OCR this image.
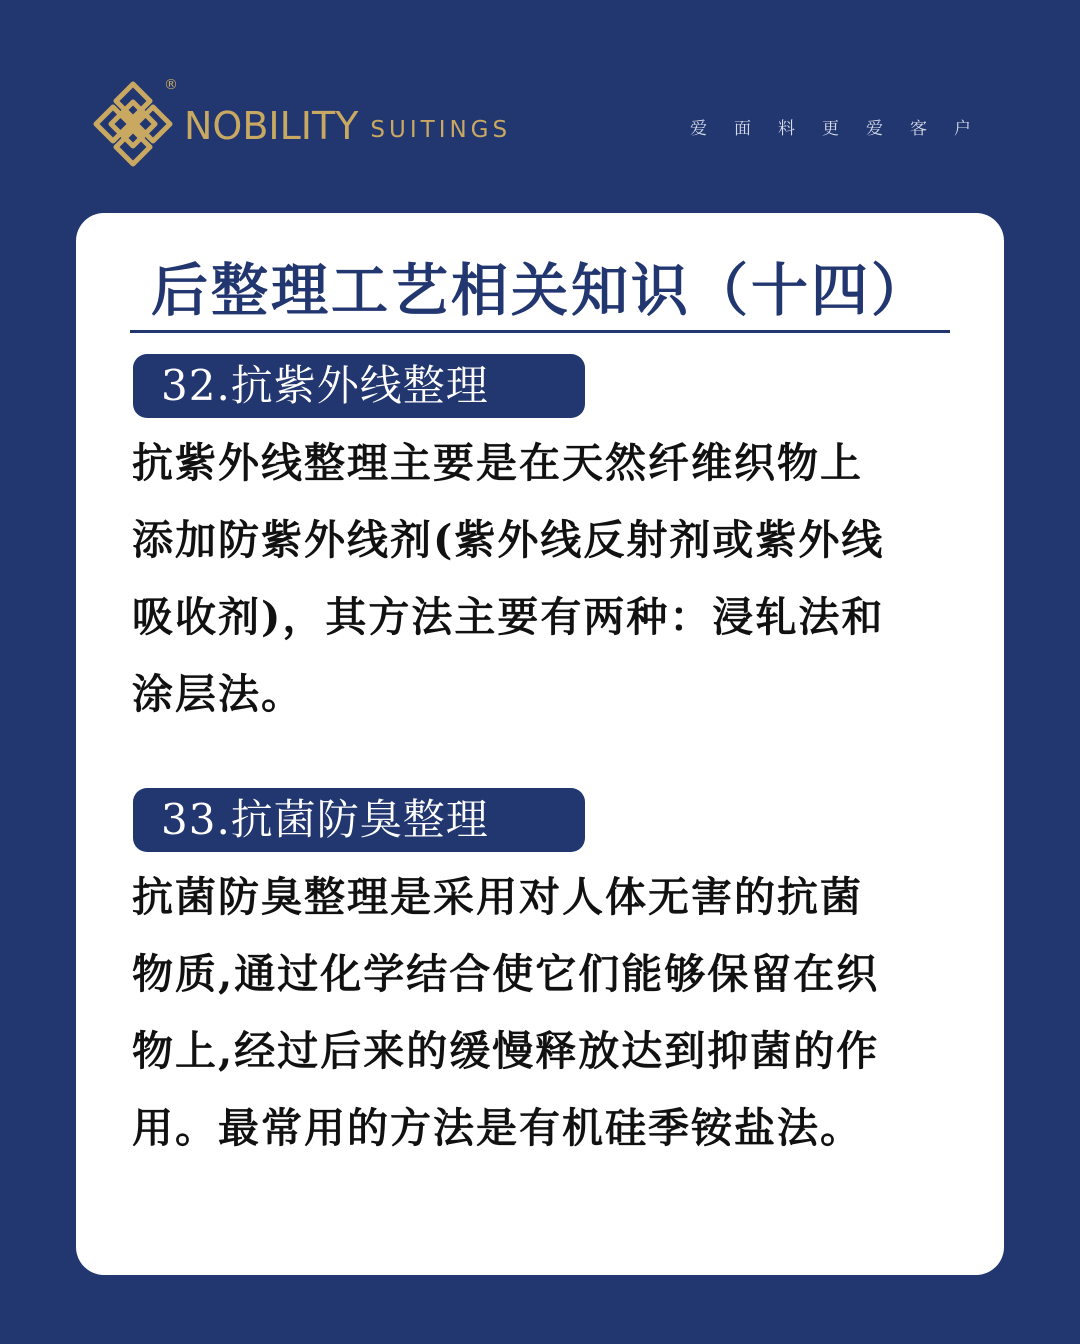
NOBILITY SUITINGS
®
爱面料更爱客户
后整理工艺相关知识（十四）
32.抗紫外线整理
抗紫外线整理主要是在天然纤维织物上
添加防紫外线剂(紫外线反射剂或紫外线
吸收剂)，其方法主要有两种：浸轧法和
涂层法。
33.抗菌防臭整理
抗菌防臭整理是采用对人体无害的抗菌
物质,通过化学结合使它们能够保留在织
物上,经过后来的缓慢释放达到抑菌的作
用。最常用的方法是有机硅季铵盐法。
